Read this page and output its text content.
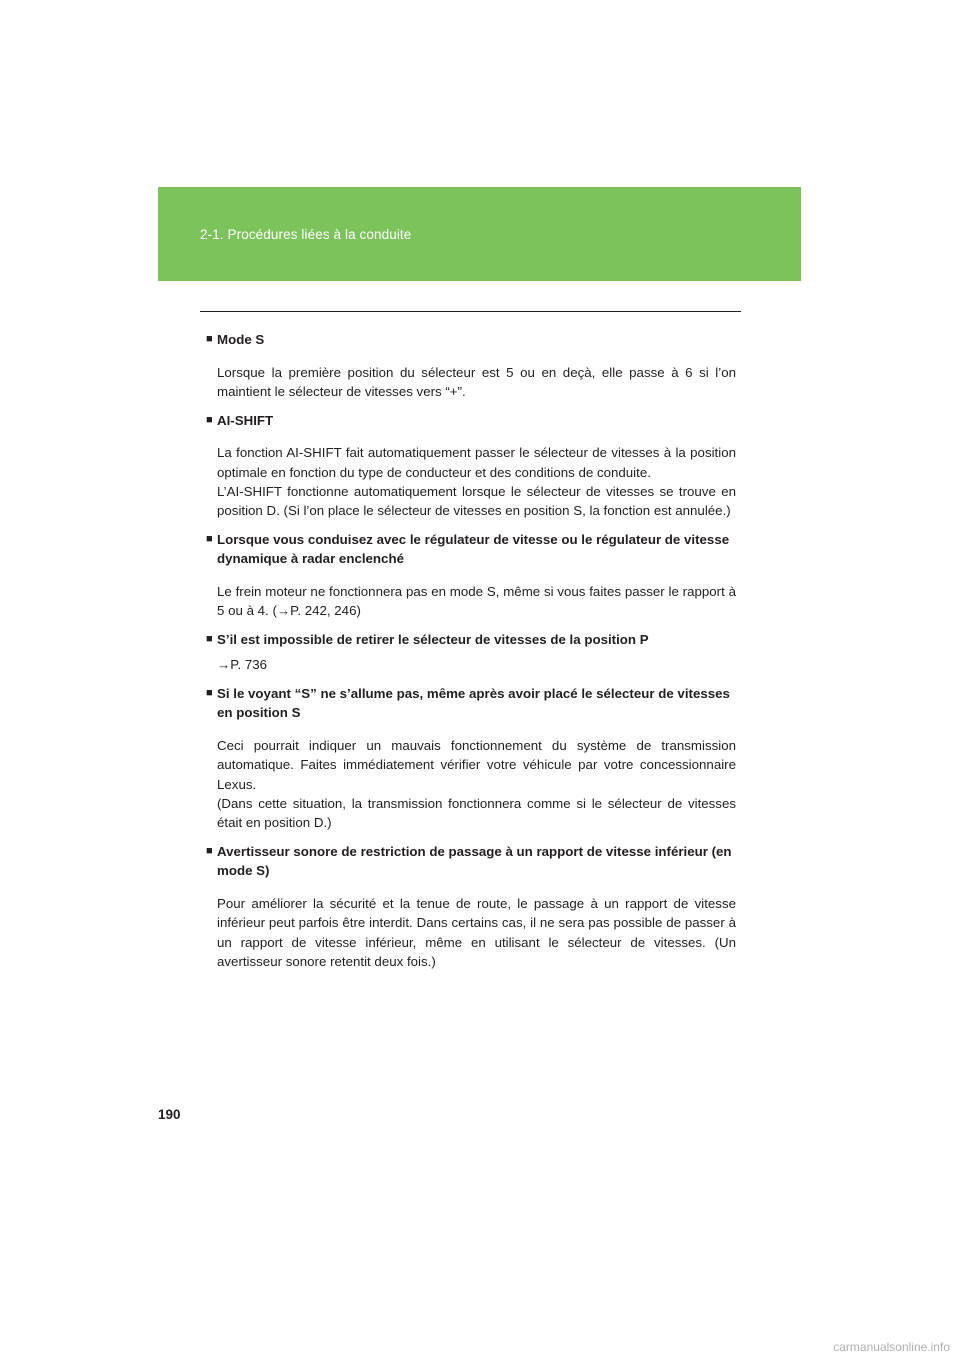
2-1. Procédures liées à la conduite
■ Mode S

Lorsque la première position du sélecteur est 5 ou en deçà, elle passe à 6 si l’on maintient le sélecteur de vitesses vers “+”.

■ AI-SHIFT

La fonction AI-SHIFT fait automatiquement passer le sélecteur de vitesses à la position optimale en fonction du type de conducteur et des conditions de conduite.

L’AI-SHIFT fonctionne automatiquement lorsque le sélecteur de vitesses se trouve en position D. (Si l’on place le sélecteur de vitesses en position S, la fonction est annulée.)

■ Lorsque vous conduisez avec le régulateur de vitesse ou le régulateur de vitesse dynamique à radar enclenché

Le frein moteur ne fonctionnera pas en mode S, même si vous faites passer le rapport à 5 ou à 4. (→P. 242, 246)

■ S’il est impossible de retirer le sélecteur de vitesses de la position P

→P. 736

■ Si le voyant “S” ne s’allume pas, même après avoir placé le sélecteur de vitesses en position S

Ceci pourrait indiquer un mauvais fonctionnement du système de transmission automatique. Faites immédiatement vérifier votre véhicule par votre concessionnaire Lexus.

(Dans cette situation, la transmission fonctionnera comme si le sélecteur de vitesses était en position D.)

■ Avertisseur sonore de restriction de passage à un rapport de vitesse inférieur (en mode S)

Pour améliorer la sécurité et la tenue de route, le passage à un rapport de vitesse inférieur peut parfois être interdit. Dans certains cas, il ne sera pas possible de passer à un rapport de vitesse inférieur, même en utilisant le sélecteur de vitesses. (Un avertisseur sonore retentit deux fois.)

190
carmanualsonline.info
